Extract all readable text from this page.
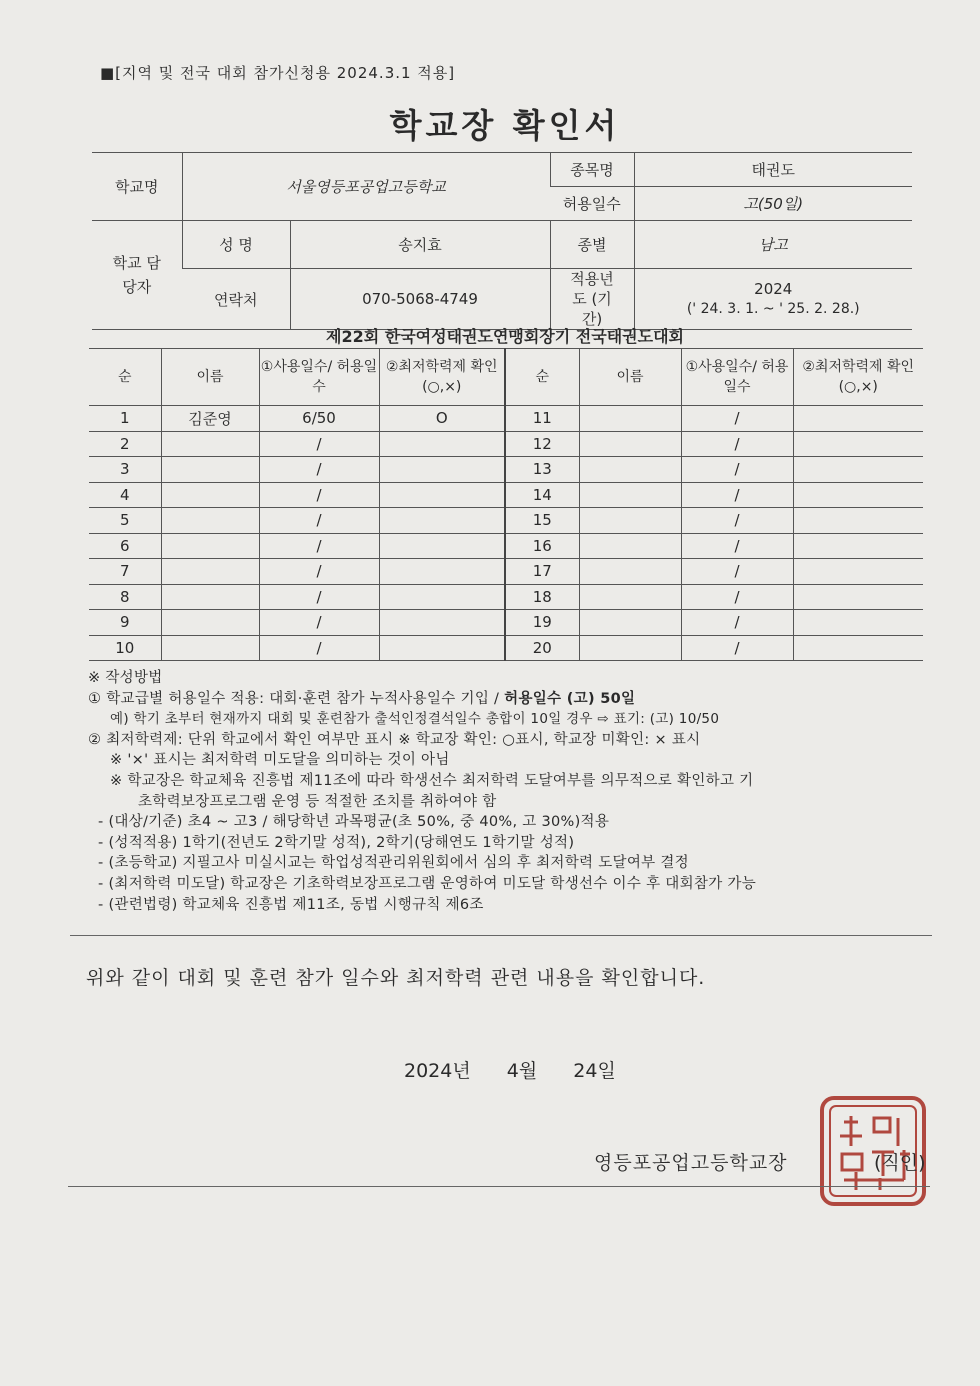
■[지역 및 전국 대회 참가신청용 2024.3.1 적용]
학교장 확인서
학교명	서울영등포공업고등학교		종목명	태권도
			허용일수	고(50일)
학교 담당자	성 명	송지효	종별	남고
	연락처	070-5068-4749	적용년도 (기간)	2024
(' 24. 3. 1. ~ ' 25. 2. 28.)
제22회 한국여성태권도연맹회장기 전국태권도대회
순	이름	①사용일수/ 허용일수	②최저학력제 확인(○,×)	순	이름	①사용일수/ 허용일수	②최저학력제 확인(○,×)
1	김준영	6/50	O	11		/	
2		/		12		/	
3		/		13		/	
4		/		14		/	
5		/		15		/	
6		/		16		/	
7		/		17		/	
8		/		18		/	
9		/		19		/	
10		/		20		/	
※ 작성방법
① 학교급별 허용일수 적용: 대회·훈련 참가 누적사용일수 기입 / 허용일수 (고) 50일
예) 학기 초부터 현재까지 대회 및 훈련참가 출석인정결석일수 총합이 10일 경우 ⇨ 표기: (고) 10/50
② 최저학력제: 단위 학교에서 확인 여부만 표시 ※ 학교장 확인: ○표시, 학교장 미확인: × 표시
※ '×' 표시는 최저학력 미도달을 의미하는 것이 아님
※ 학교장은 학교체육 진흥법 제11조에 따라 학생선수 최저학력 도달여부를 의무적으로 확인하고 기
초학력보장프로그램 운영 등 적절한 조치를 취하여야 함
- (대상/기준) 초4 ~ 고3 / 해당학년 과목평균(초 50%, 중 40%, 고 30%)적용
- (성적적용) 1학기(전년도 2학기말 성적), 2학기(당해연도 1학기말 성적)
- (초등학교) 지필고사 미실시교는 학업성적관리위원회에서 심의 후 최저학력 도달여부 결정
- (최저학력 미도달) 학교장은 기초학력보장프로그램 운영하여 미도달 학생선수 이수 후 대회참가 가능
- (관련법령) 학교체육 진흥법 제11조, 동법 시행규칙 제6조
위와 같이 대회 및 훈련 참가 일수와 최저학력 관련 내용을 확인합니다.
2024년 4월 24일
영등포공업고등학교장	(직인)
